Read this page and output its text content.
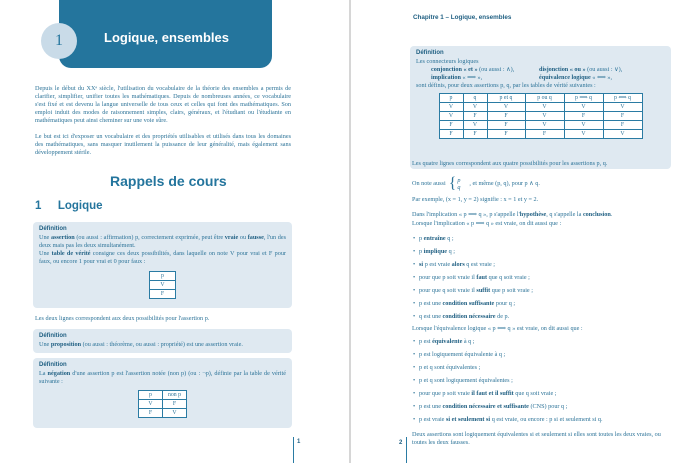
Logique, ensembles
1
Depuis le début du XXᵉ siècle, l'utilisation du vocabulaire de la théorie des ensembles a permis de clarifier, simplifier, unifier toutes les mathématiques. Depuis de nombreuses années, ce vocabulaire s'est fixé et est devenu la langue universelle de tous ceux et celles qui font des mathématiques. Son emploi induit des modes de raisonnement simples, clairs, généraux, et l'étudiant ou l'étudiante en mathématiques peut ainsi cheminer sur une voie sûre.
Le but est ici d'exposer un vocabulaire et des propriétés utilisables et utilisés dans tous les domaines des mathématiques, sans masquer inutilement la puissance de leur généralité, mais également sans développement stérile.
Rappels de cours
1 Logique
Définition
Une assertion (ou aussi : affirmation) p, correctement exprimée, peut être vraie ou fausse, l'un des deux mais pas les deux simultanément.
Une table de vérité consigne ces deux possibilités, dans laquelle on note V pour vrai et F pour faux, ou encore 1 pour vrai et 0 pour faux :
p
V
F
Les deux lignes correspondent aux deux possibilités pour l'assertion p.
Définition
Une proposition (ou aussi : théorème, ou aussi : propriété) est une assertion vraie.
Définition
La négation d'une assertion p est l'assertion notée (non p) (ou : ¬p), définie par la table de vérité suivante :
p	non p
V	F
F	V
1
Chapitre 1 – Logique, ensembles
Définition
Les connecteurs logiques
conjonction « et » (ou aussi : ∧),	disjonction « ou » (ou aussi : ∨),
implication « ⟹ »,	équivalence logique « ⟺ »,
sont définis, pour deux assertions p, q, par les tables de vérité suivantes :
p	q	p et q	p ou q	p ⟹ q	p ⟺ q
V	V	V	V	V	V
V	F	F	V	F	F
F	V	F	V	V	F
F	F	F	F	V	V
Les quatre lignes correspondent aux quatre possibilités pour les assertions p, q.
On note aussi { p
q
, et même (p, q), pour p ∧ q.
Par exemple, (x = 1, y = 2) signifie : x = 1 et y = 2.
Dans l'implication « p ⟹ q », p s'appelle l'hypothèse, q s'appelle la conclusion.
Lorsque l'implication « p ⟹ q » est vraie, on dit aussi que :
• p entraîne q ;
• p implique q ;
• si p est vraie alors q est vraie ;
• pour que p soit vraie il faut que q soit vraie ;
• pour que q soit vraie il suffit que p soit vraie ;
• p est une condition suffisante pour q ;
• q est une condition nécessaire de p.
Lorsque l'équivalence logique « p ⟺ q » est vraie, on dit aussi que :
• p est équivalente à q ;
• p est logiquement équivalente à q ;
• p et q sont équivalentes ;
• p et q sont logiquement équivalentes ;
• pour que p soit vraie il faut et il suffit que q soit vraie ;
• p est une condition nécessaire et suffisante (CNS) pour q ;
• p est vraie si et seulement si q est vraie, ou encore : p si et seulement si q.
Deux assertions sont logiquement équivalentes si et seulement si elles sont toutes les deux vraies, ou toutes les deux fausses.
2
